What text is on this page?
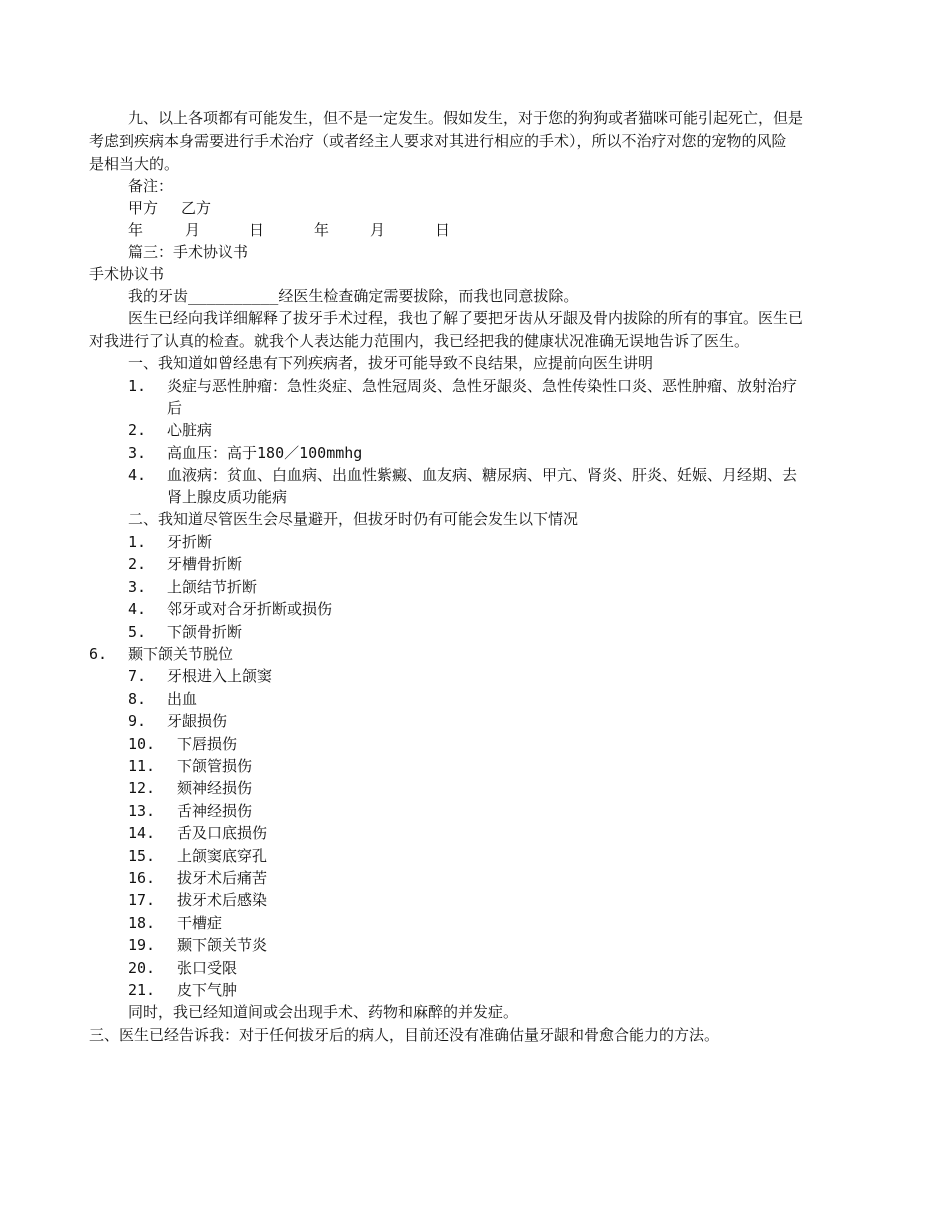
九、以上各项都有可能发生，但不是一定发生。假如发生，对于您的狗狗或者猫咪可能引起死亡，但是
考虑到疾病本身需要进行手术治疗（或者经主人要求对其进行相应的手术），所以不治疗对您的宠物的风险
是相当大的。
备注：
甲方 乙方
年	月	日	年	月	日
篇三：手术协议书
手术协议书
我的牙齿__________经医生检查确定需要拔除，而我也同意拔除。
医生已经向我详细解释了拔牙手术过程，我也了解了要把牙齿从牙龈及骨内拔除的所有的事宜。医生已
对我进行了认真的检查。就我个人表达能力范围内，我已经把我的健康状况准确无误地告诉了医生。
一、我知道如曾经患有下列疾病者，拔牙可能导致不良结果，应提前向医生讲明
1. 炎症与恶性肿瘤：急性炎症、急性冠周炎、急性牙龈炎、急性传染性口炎、恶性肿瘤、放射治疗
后
2. 心脏病
3. 高血压：高于180／100mmhg
4. 血液病：贫血、白血病、出血性紫癜、血友病、糖尿病、甲亢、肾炎、肝炎、妊娠、月经期、去
肾上腺皮质功能病
二、我知道尽管医生会尽量避开，但拔牙时仍有可能会发生以下情况
1. 牙折断
2. 牙槽骨折断
3. 上颌结节折断
4. 邻牙或对合牙折断或损伤
5. 下颌骨折断
6. 颞下颌关节脱位
7. 牙根进入上颌窦
8. 出血
9. 牙龈损伤
10. 下唇损伤
11. 下颌管损伤
12. 颏神经损伤
13. 舌神经损伤
14. 舌及口底损伤
15. 上颌窦底穿孔
16. 拔牙术后痛苦
17. 拔牙术后感染
18. 干槽症
19. 颞下颌关节炎
20. 张口受限
21. 皮下气肿
同时，我已经知道间或会出现手术、药物和麻醉的并发症。
三、医生已经告诉我：对于任何拔牙后的病人，目前还没有准确估量牙龈和骨愈合能力的方法。
